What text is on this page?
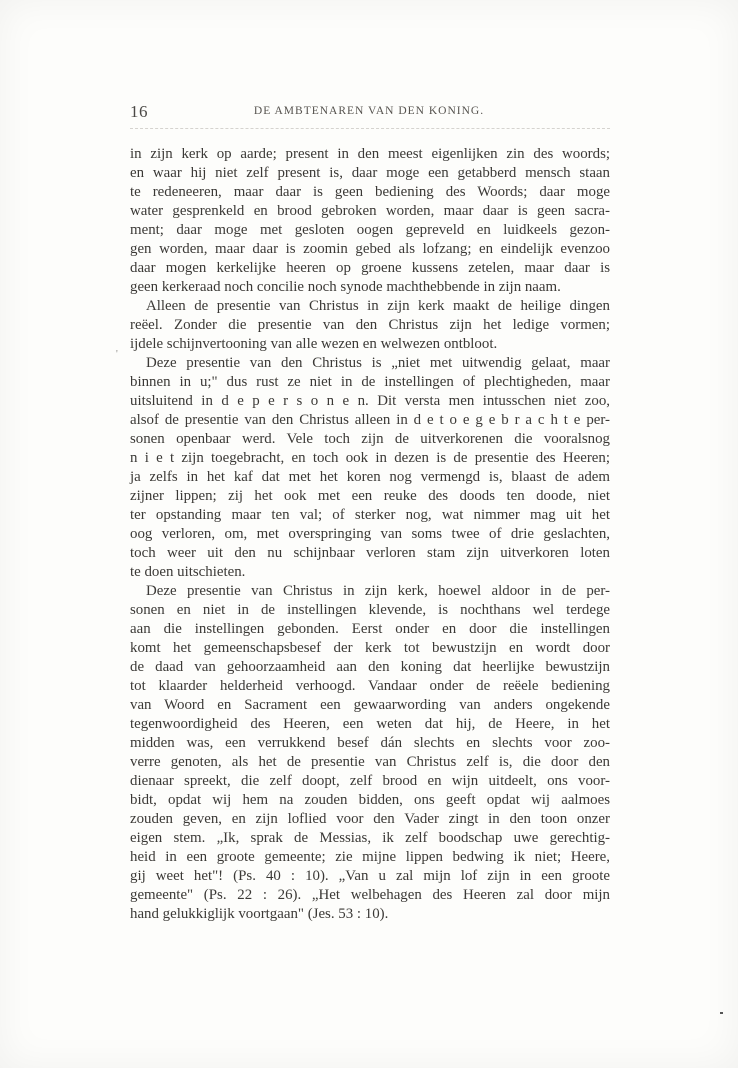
16	DE AMBTENAREN VAN DEN KONING.
'
in zijn kerk op aarde; present in den meest eigenlijken zin des woords;
en waar hij niet zelf present is, daar moge een getabberd mensch staan
te redeneeren, maar daar is geen bediening des Woords; daar moge
water gesprenkeld en brood gebroken worden, maar daar is geen sacra-
ment; daar moge met gesloten oogen gepreveld en luidkeels gezon-
gen worden, maar daar is zoomin gebed als lofzang; en eindelijk evenzoo
daar mogen kerkelijke heeren op groene kussens zetelen, maar daar is
geen kerkeraad noch concilie noch synode machthebbende in zijn naam.
Alleen de presentie van Christus in zijn kerk maakt de heilige dingen
reëel. Zonder die presentie van den Christus zijn het ledige vormen;
ijdele schijnvertooning van alle wezen en welwezen ontbloot.
Deze presentie van den Christus is „niet met uitwendig gelaat, maar
binnen in u;" dus rust ze niet in de instellingen of plechtigheden, maar
uitsluitend in d e p e r s o n e n. Dit versta men intusschen niet zoo,
alsof de presentie van den Christus alleen in d e t o e g e b r a c h t e per-
sonen openbaar werd. Vele toch zijn de uitverkorenen die vooralsnog
n i e t zijn toegebracht, en toch ook in dezen is de presentie des Heeren;
ja zelfs in het kaf dat met het koren nog vermengd is, blaast de adem
zijner lippen; zij het ook met een reuke des doods ten doode, niet
ter opstanding maar ten val; of sterker nog, wat nimmer mag uit het
oog verloren, om, met overspringing van soms twee of drie geslachten,
toch weer uit den nu schijnbaar verloren stam zijn uitverkoren loten
te doen uitschieten.
Deze presentie van Christus in zijn kerk, hoewel aldoor in de per-
sonen en niet in de instellingen klevende, is nochthans wel terdege
aan die instellingen gebonden. Eerst onder en door die instellingen
komt het gemeenschapsbesef der kerk tot bewustzijn en wordt door
de daad van gehoorzaamheid aan den koning dat heerlijke bewustzijn
tot klaarder helderheid verhoogd. Vandaar onder de reëele bediening
van Woord en Sacrament een gewaarwording van anders ongekende
tegenwoordigheid des Heeren, een weten dat hij, de Heere, in het
midden was, een verrukkend besef dán slechts en slechts voor zoo-
verre genoten, als het de presentie van Christus zelf is, die door den
dienaar spreekt, die zelf doopt, zelf brood en wijn uitdeelt, ons voor-
bidt, opdat wij hem na zouden bidden, ons geeft opdat wij aalmoes
zouden geven, en zijn loflied voor den Vader zingt in den toon onzer
eigen stem. „Ik, sprak de Messias, ik zelf boodschap uwe gerechtig-
heid in een groote gemeente; zie mijne lippen bedwing ik niet; Heere,
gij weet het"! (Ps. 40 : 10). „Van u zal mijn lof zijn in een groote
gemeente" (Ps. 22 : 26). „Het welbehagen des Heeren zal door mijn
hand gelukkiglijk voortgaan" (Jes. 53 : 10).
